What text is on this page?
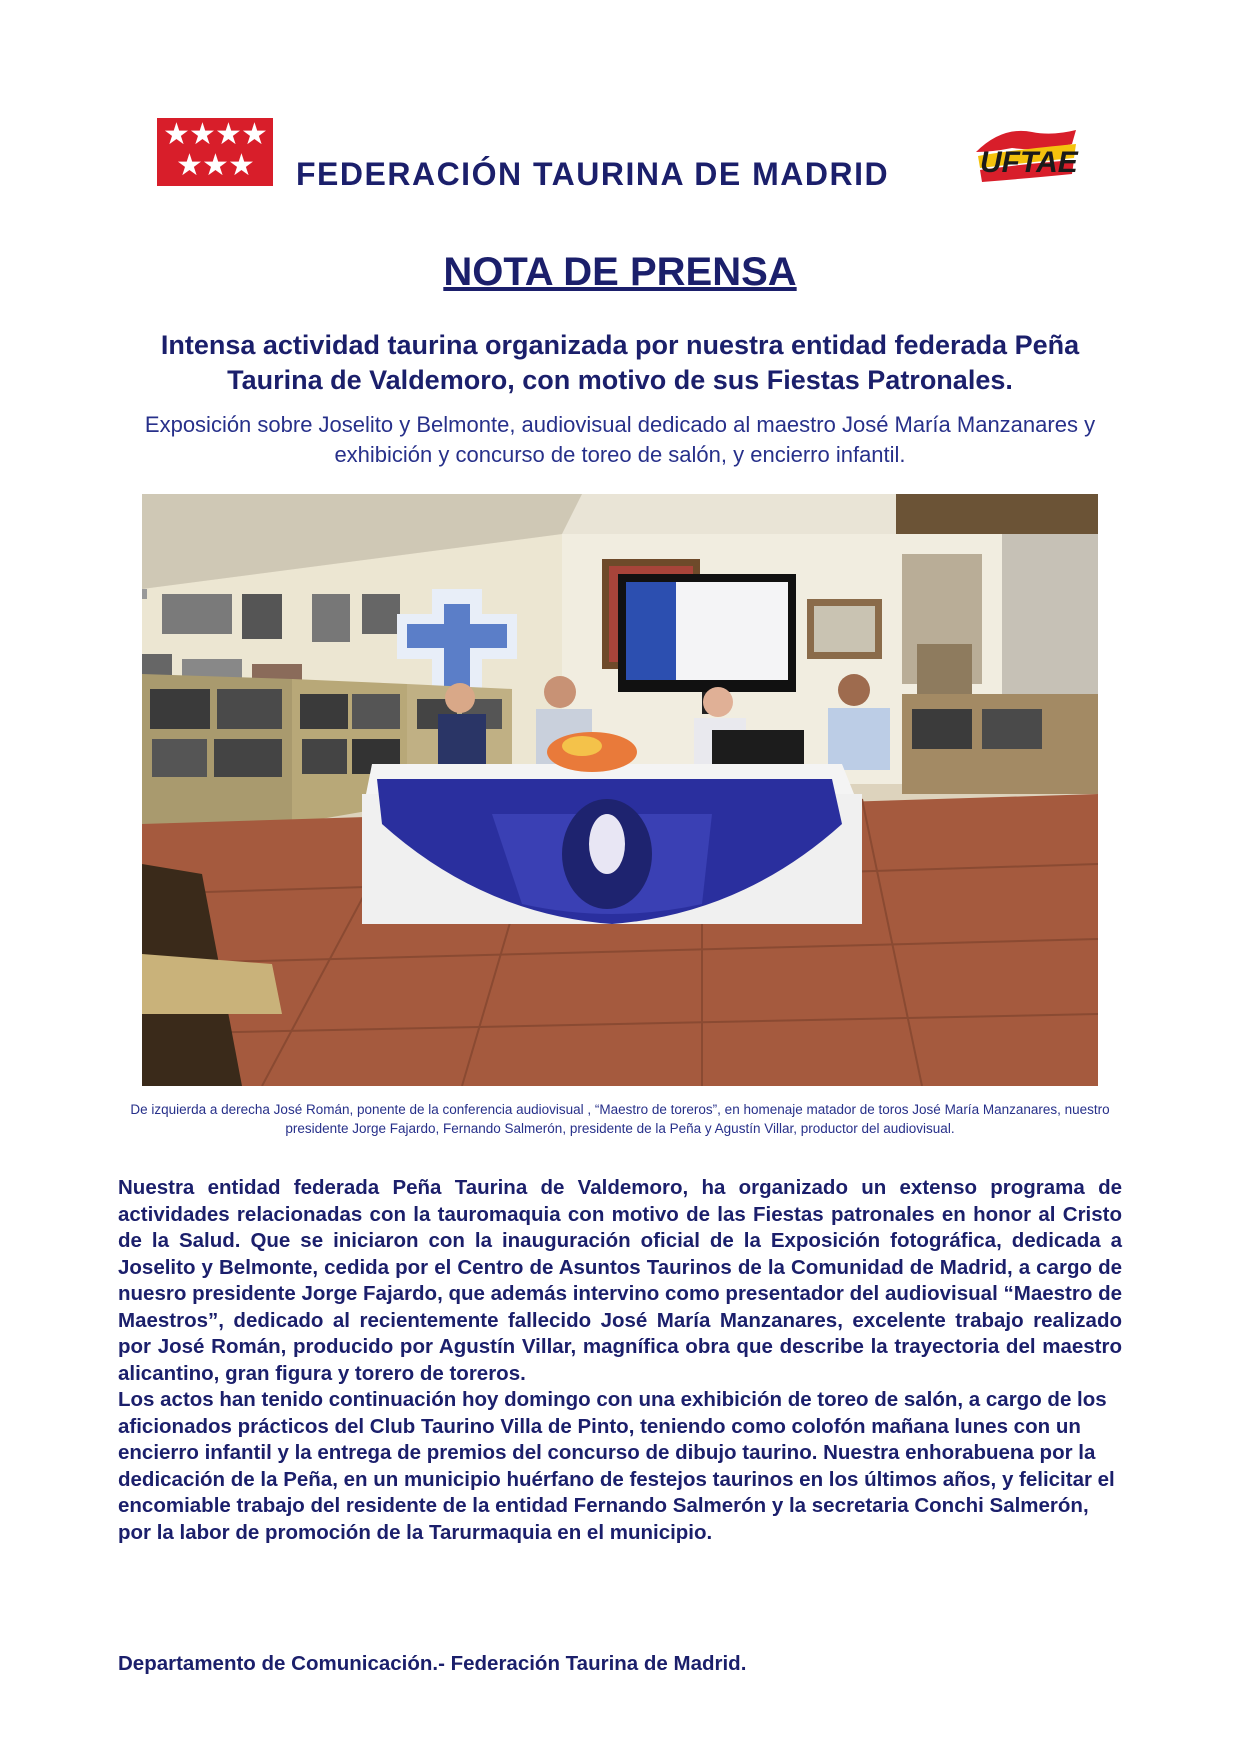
★ ★ ★ ★
★ ★ ★ FEDERACIÓN TAURINA DE MADRID	UFTAE
NOTA DE PRENSA
Intensa actividad taurina organizada por nuestra entidad federada Peña Taurina de Valdemoro, con motivo de sus Fiestas Patronales.
Exposición sobre Joselito y Belmonte, audiovisual dedicado al maestro José María Manzanares y exhibición y concurso de toreo de salón, y encierro infantil.
De izquierda a derecha José Román, ponente de la conferencia audiovisual , “Maestro de toreros”, en homenaje matador de toros José María Manzanares, nuestro presidente Jorge Fajardo, Fernando Salmerón, presidente de la Peña y Agustín Villar, productor del audiovisual.

Nuestra entidad federada Peña Taurina de Valdemoro, ha organizado un extenso programa de actividades relacionadas con la tauromaquia con motivo de las Fiestas patronales en honor al Cristo de la Salud. Que se iniciaron con la inauguración oficial de la Exposición fotográfica, dedicada a Joselito y Belmonte, cedida por el Centro de Asuntos Taurinos de la Comunidad de Madrid, a cargo de nuesro presidente Jorge Fajardo, que además intervino como presentador del audiovisual “Maestro de Maestros”, dedicado al recientemente fallecido José María Manzanares, excelente trabajo realizado por José Román, producido por Agustín Villar, magnífica obra que describe la trayectoria del maestro alicantino, gran figura y torero de toreros.

Los actos han tenido continuación hoy domingo con una exhibición de toreo de salón, a cargo de los aficionados prácticos del Club Taurino Villa de Pinto, teniendo como colofón mañana lunes con un encierro infantil y la entrega de premios del concurso de dibujo taurino. Nuestra enhorabuena por la dedicación de la Peña, en un municipio huérfano de festejos taurinos en los últimos años, y felicitar el encomiable trabajo del residente de la entidad Fernando Salmerón y la secretaria Conchi Salmerón, por la labor de promoción de la Tarurmaquia en el municipio.

Departamento de Comunicación.- Federación Taurina de Madrid.
